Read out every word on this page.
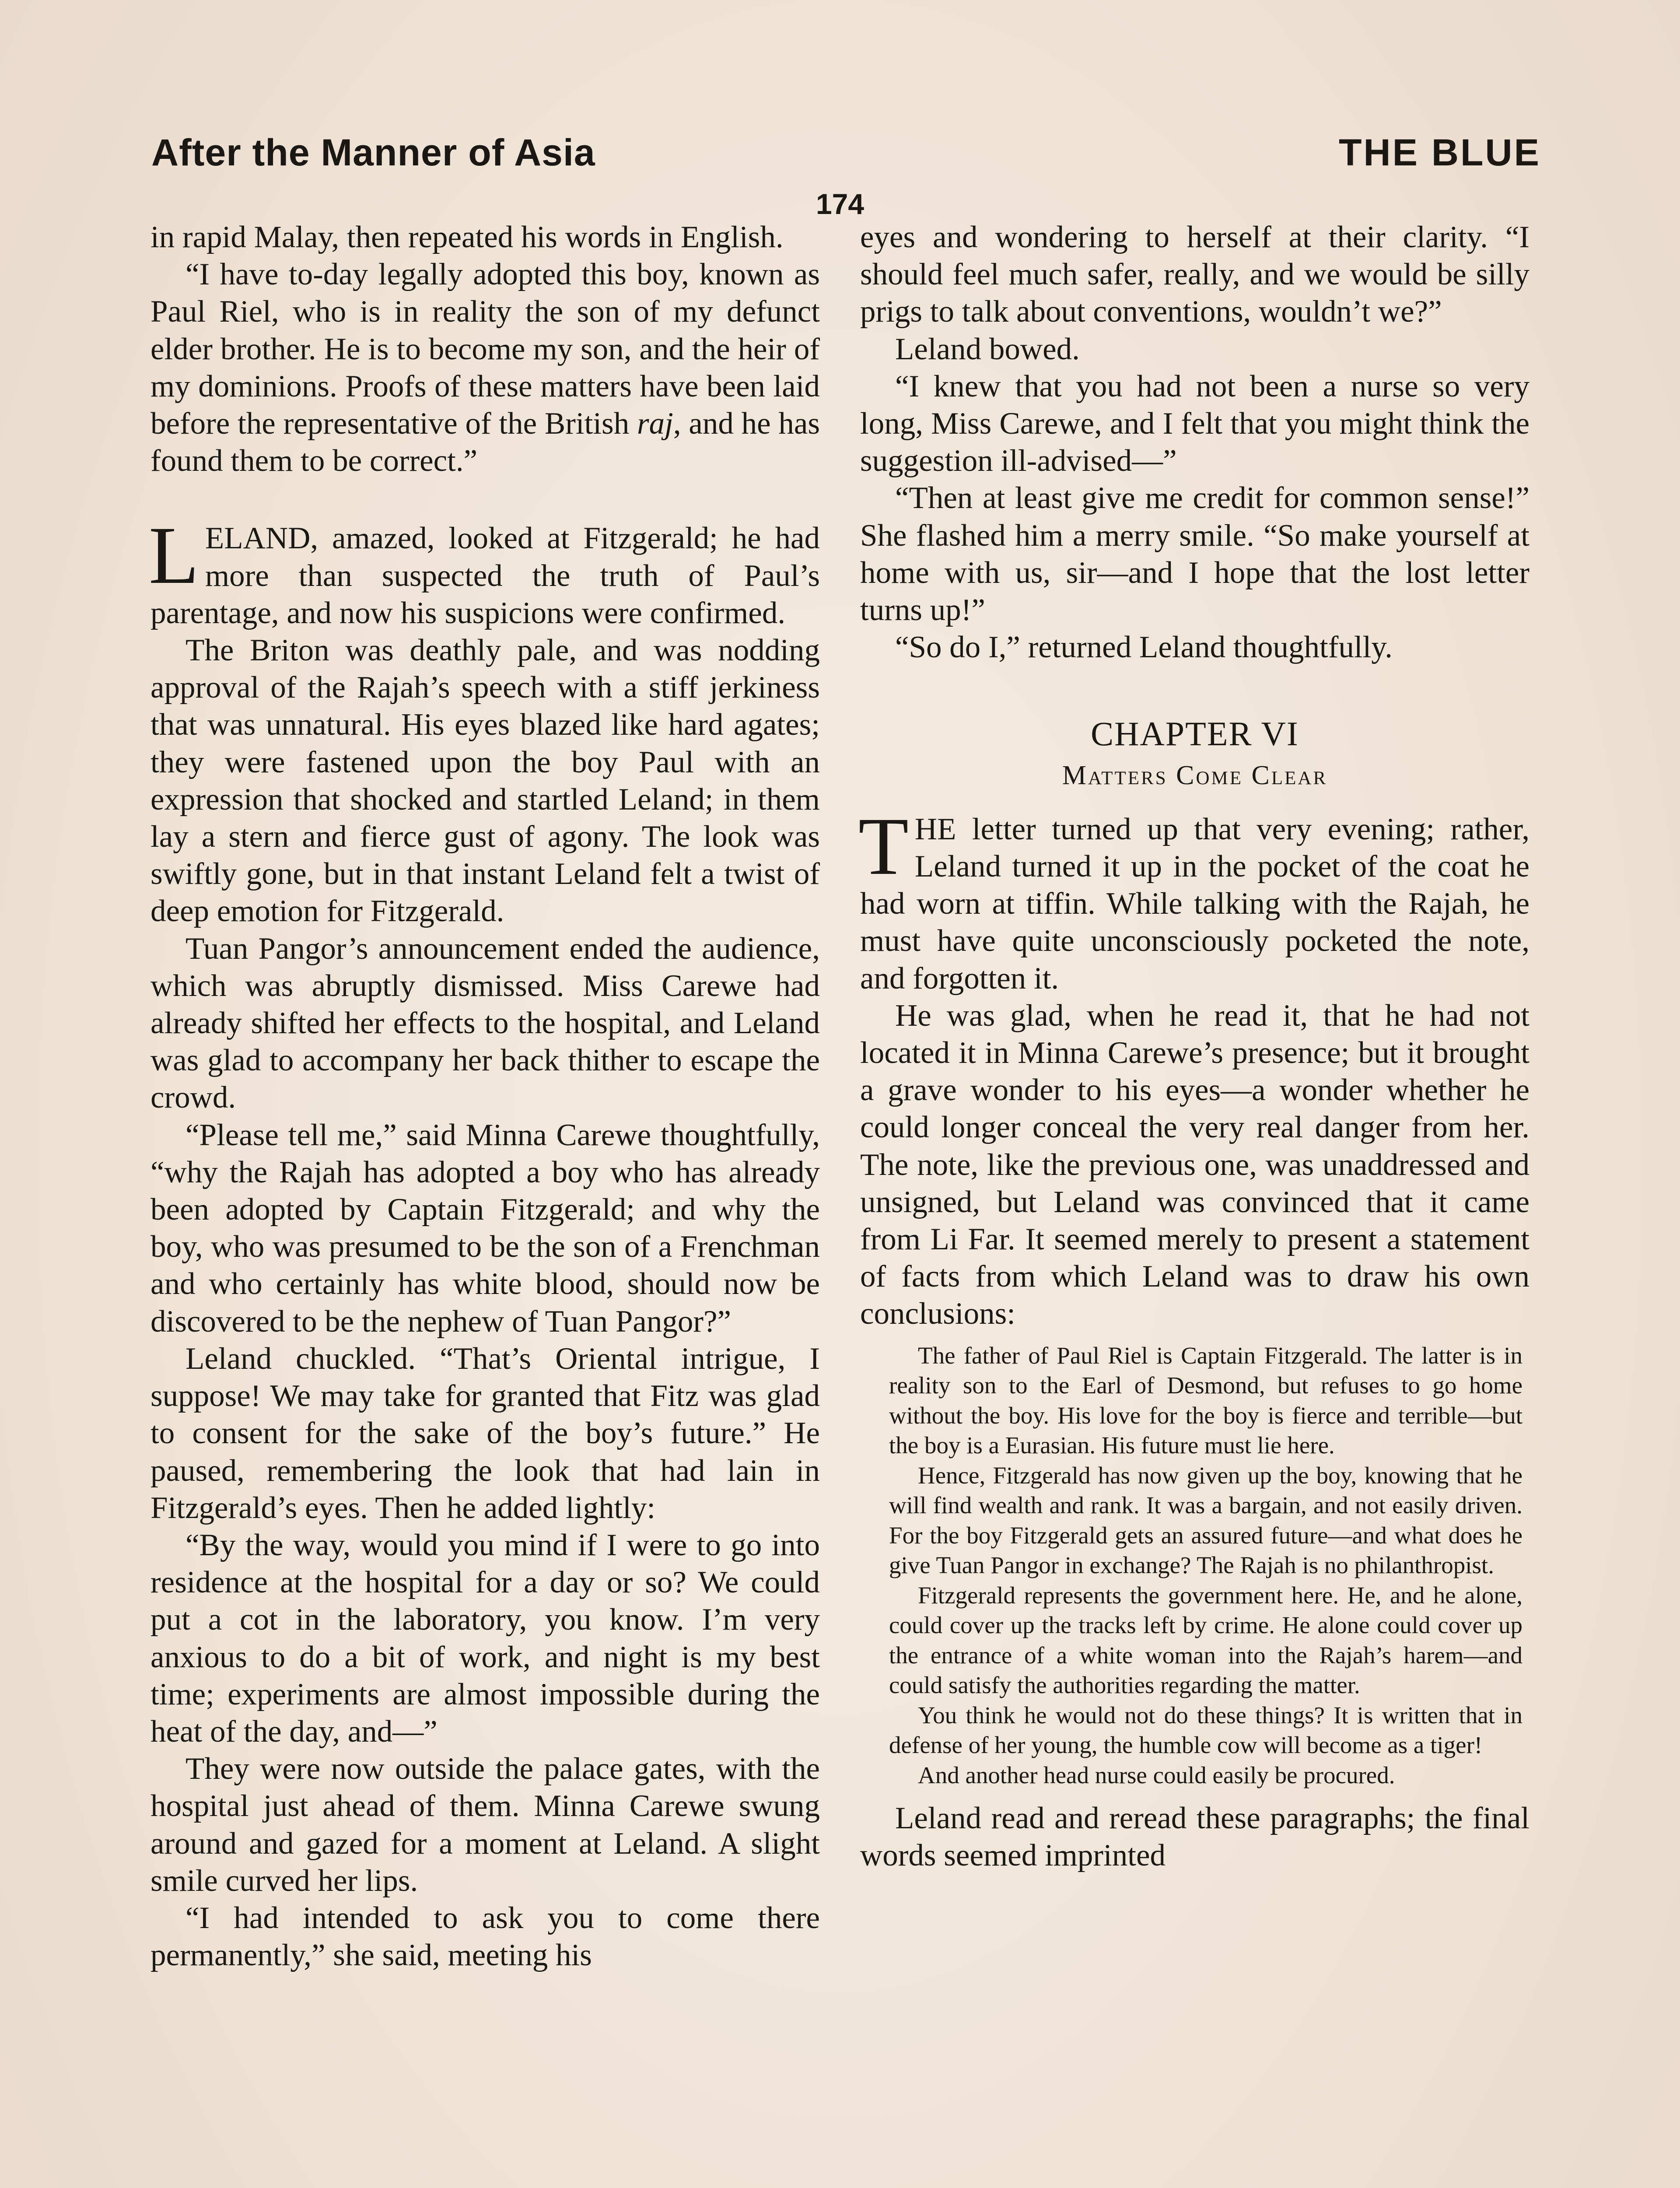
After the Manner of Asia	THE BLUE
174

in rapid Malay, then repeated his words in English.

“I have to-day legally adopted this boy, known as Paul Riel, who is in reality the son of my defunct elder brother. He is to become my son, and the heir of my dominions. Proofs of these matters have been laid before the representative of the British raj, and he has found them to be correct.”

LELAND, amazed, looked at Fitzgerald; he had more than suspected the truth of Paul’s parentage, and now his suspicions were confirmed.

The Briton was deathly pale, and was nodding approval of the Rajah’s speech with a stiff jerkiness that was unnatural. His eyes blazed like hard agates; they were fastened upon the boy Paul with an expression that shocked and startled Leland; in them lay a stern and fierce gust of agony. The look was swiftly gone, but in that instant Leland felt a twist of deep emotion for Fitzgerald.

Tuan Pangor’s announcement ended the audience, which was abruptly dismissed. Miss Carewe had already shifted her effects to the hospital, and Leland was glad to accompany her back thither to escape the crowd.

“Please tell me,” said Minna Carewe thoughtfully, “why the Rajah has adopted a boy who has already been adopted by Captain Fitzgerald; and why the boy, who was presumed to be the son of a Frenchman and who certainly has white blood, should now be discovered to be the nephew of Tuan Pangor?”

Leland chuckled. “That’s Oriental intrigue, I suppose! We may take for granted that Fitz was glad to consent for the sake of the boy’s future.” He paused, remembering the look that had lain in Fitzgerald’s eyes. Then he added lightly:

“By the way, would you mind if I were to go into residence at the hospital for a day or so? We could put a cot in the laboratory, you know. I’m very anxious to do a bit of work, and night is my best time; experiments are almost impossible during the heat of the day, and—”

They were now outside the palace gates, with the hospital just ahead of them. Minna Carewe swung around and gazed for a moment at Leland. A slight smile curved her lips.

“I had intended to ask you to come there permanently,” she said, meeting his

eyes and wondering to herself at their clarity. “I should feel much safer, really, and we would be silly prigs to talk about conventions, wouldn’t we?”

Leland bowed.

“I knew that you had not been a nurse so very long, Miss Carewe, and I felt that you might think the suggestion ill-advised—”

“Then at least give me credit for common sense!” She flashed him a merry smile. “So make yourself at home with us, sir—and I hope that the lost letter turns up!”

“So do I,” returned Leland thoughtfully.

CHAPTER VI
Matters Come Clear

THE letter turned up that very evening; rather, Leland turned it up in the pocket of the coat he had worn at tiffin. While talking with the Rajah, he must have quite unconsciously pocketed the note, and forgotten it.

He was glad, when he read it, that he had not located it in Minna Carewe’s presence; but it brought a grave wonder to his eyes—a wonder whether he could longer conceal the very real danger from her. The note, like the previous one, was unaddressed and unsigned, but Leland was convinced that it came from Li Far. It seemed merely to present a statement of facts from which Leland was to draw his own conclusions:

The father of Paul Riel is Captain Fitzgerald. The latter is in reality son to the Earl of Desmond, but refuses to go home without the boy. His love for the boy is fierce and terrible—but the boy is a Eurasian. His future must lie here.

Hence, Fitzgerald has now given up the boy, knowing that he will find wealth and rank. It was a bargain, and not easily driven. For the boy Fitzgerald gets an assured future—and what does he give Tuan Pangor in exchange? The Rajah is no philanthropist.

Fitzgerald represents the government here. He, and he alone, could cover up the tracks left by crime. He alone could cover up the entrance of a white woman into the Rajah’s harem—and could satisfy the authorities regarding the matter.

You think he would not do these things? It is written that in defense of her young, the humble cow will become as a tiger!

And another head nurse could easily be procured.

Leland read and reread these paragraphs; the final words seemed imprinted
